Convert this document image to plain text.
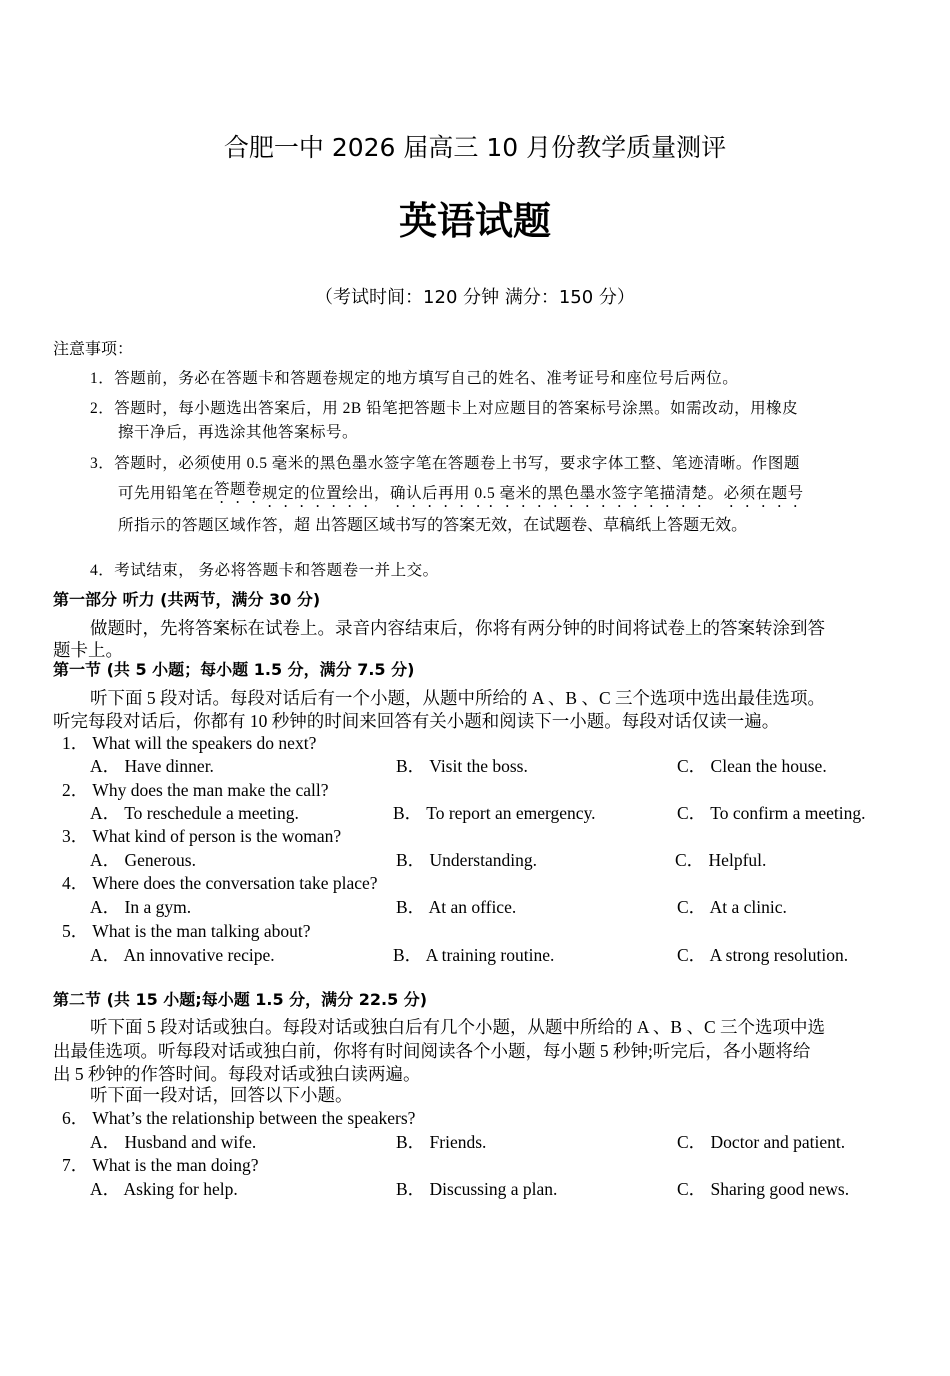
合肥一中 2026 届高三 10 月份教学质量测评
英语试题
（考试时间：120 分钟 满分：150 分）
注意事项：
1．答题前，务必在答题卡和答题卷规定的地方填写自己的姓名、准考证号和座位号后两位。
2．答题时，每小题选出答案后，用 2B 铅笔把答题卡上对应题目的答案标号涂黑。如需改动，用橡皮
擦干净后，再选涂其他答案标号。
3．答题时，必须使用 0.5 毫米的黑色墨水签字笔在答题卷上书写，要求字体工整、笔迹清晰。作图题
可先用铅笔在答题卷规定的位置绘出，确认后再用 0.5 毫米的黑色墨水签字笔描清楚。必须在题号
所指示的答题区域作答，超 出答题区域书写的答案无效，在试题卷、草稿纸上答题无效。
4．考试结束， 务必将答题卡和答题卷一并上交。
第一部分 听力 (共两节，满分 30 分)
做题时，先将答案标在试卷上。录音内容结束后，你将有两分钟的时间将试卷上的答案转涂到答
题卡上。
第一节 (共 5 小题；每小题 1.5 分，满分 7.5 分)
听下面 5 段对话。每段对话后有一个小题，从题中所给的 A 、B 、C 三个选项中选出最佳选项。
听完每段对话后，你都有 10 秒钟的时间来回答有关小题和阅读下一小题。每段对话仅读一遍。
1． What will the speakers do next?
A． Have dinner.	B． Visit the boss.	C． Clean the house.
2． Why does the man make the call?
A． To reschedule a meeting.	B． To report an emergency.	C． To confirm a meeting.
3． What kind of person is the woman?
A． Generous.	B． Understanding.	C． Helpful.
4． Where does the conversation take place?
A． In a gym.	B． At an office.	C． At a clinic.
5． What is the man talking about?
A． An innovative recipe.	B． A training routine.	C． A strong resolution.
第二节 (共 15 小题;每小题 1.5 分，满分 22.5 分)
听下面 5 段对话或独白。每段对话或独白后有几个小题，从题中所给的 A 、B 、C 三个选项中选
出最佳选项。听每段对话或独白前，你将有时间阅读各个小题，每小题 5 秒钟;听完后，各小题将给
出 5 秒钟的作答时间。每段对话或独白读两遍。
听下面一段对话，回答以下小题。
6． What’s the relationship between the speakers?
A． Husband and wife.	B． Friends.	C． Doctor and patient.
7． What is the man doing?
A． Asking for help.	B． Discussing a plan.	C． Sharing good news.
